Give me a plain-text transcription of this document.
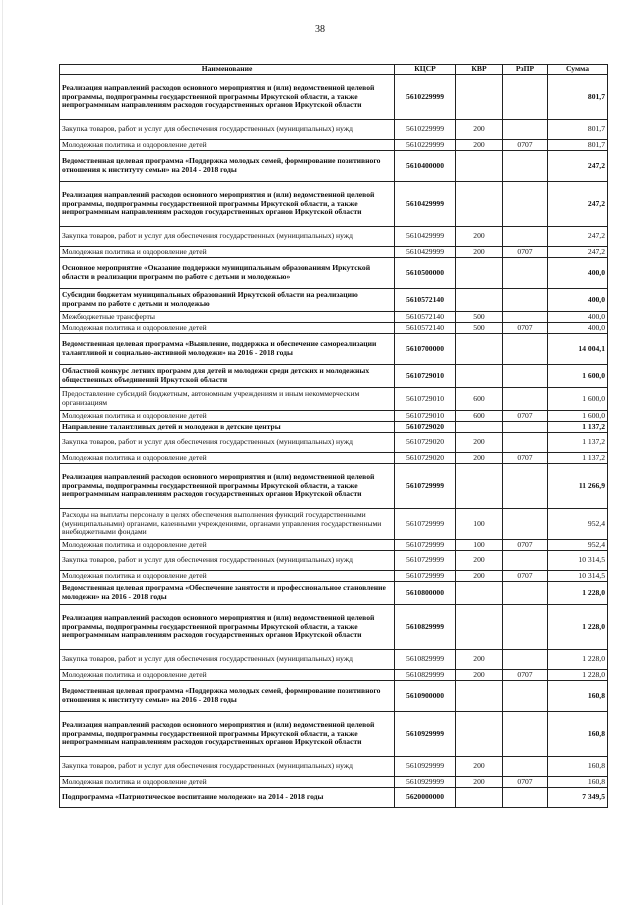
38
Наименование	КЦСР	КВР	РзПР	Сумма
Реализация направлений расходов основного мероприятия и (или) ведомственной целевой программы, подпрограммы государственной программы Иркутской области, а также непрограммным направлениям расходов государственных органов Иркутской области	5610229999			801,7
Закупка товаров, работ и услуг для обеспечения государственных (муниципальных) нужд	5610229999	200		801,7
Молодежная политика и оздоровление детей	5610229999	200	0707	801,7
Ведомственная целевая программа «Поддержка молодых семей, формирование позитивного отношения к институту семьи» на 2014 - 2018 годы	5610400000			247,2
Реализация направлений расходов основного мероприятия и (или) ведомственной целевой программы, подпрограммы государственной программы Иркутской области, а также непрограммным направлениям расходов государственных органов Иркутской области	5610429999			247,2
Закупка товаров, работ и услуг для обеспечения государственных (муниципальных) нужд	5610429999	200		247,2
Молодежная политика и оздоровление детей	5610429999	200	0707	247,2
Основное мероприятие «Оказание поддержки муниципальным образованиям Иркутской области в реализации программ по работе с детьми и молодежью»	5610500000			400,0
Субсидии бюджетам муниципальных образований Иркутской области на реализацию программ по работе с детьми и молодежью	5610572140			400,0
Межбюджетные трансферты	5610572140	500		400,0
Молодежная политика и оздоровление детей	5610572140	500	0707	400,0
Ведомственная целевая программа «Выявление, поддержка и обеспечение самореализации талантливой и социально-активной молодежи» на 2016 - 2018 годы	5610700000			14 004,1
Областной конкурс летних программ для детей и молодежи среди детских и молодежных общественных объединений Иркутской области	5610729010			1 600,0
Предоставление субсидий бюджетным, автономным учреждениям и иным некоммерческим организациям	5610729010	600		1 600,0
Молодежная политика и оздоровление детей	5610729010	600	0707	1 600,0
Направление талантливых детей и молодежи в детские центры	5610729020			1 137,2
Закупка товаров, работ и услуг для обеспечения государственных (муниципальных) нужд	5610729020	200		1 137,2
Молодежная политика и оздоровление детей	5610729020	200	0707	1 137,2
Реализация направлений расходов основного мероприятия и (или) ведомственной целевой программы, подпрограммы государственной программы Иркутской области, а также непрограммным направлениям расходов государственных органов Иркутской области	5610729999			11 266,9
Расходы на выплаты персоналу в целях обеспечения выполнения функций государственными (муниципальными) органами, казенными учреждениями, органами управления государственными внебюджетными фондами	5610729999	100		952,4
Молодежная политика и оздоровление детей	5610729999	100	0707	952,4
Закупка товаров, работ и услуг для обеспечения государственных (муниципальных) нужд	5610729999	200		10 314,5
Молодежная политика и оздоровление детей	5610729999	200	0707	10 314,5
Ведомственная целевая программа «Обеспечение занятости и профессиональное становление молодежи» на 2016 - 2018 годы	5610800000			1 228,0
Реализация направлений расходов основного мероприятия и (или) ведомственной целевой программы, подпрограммы государственной программы Иркутской области, а также непрограммным направлениям расходов государственных органов Иркутской области	5610829999			1 228,0
Закупка товаров, работ и услуг для обеспечения государственных (муниципальных) нужд	5610829999	200		1 228,0
Молодежная политика и оздоровление детей	5610829999	200	0707	1 228,0
Ведомственная целевая программа «Поддержка молодых семей, формирование позитивного отношения к институту семьи» на 2016 - 2018 годы	5610900000			160,8
Реализация направлений расходов основного мероприятия и (или) ведомственной целевой программы, подпрограммы государственной программы Иркутской области, а также непрограммным направлениям расходов государственных органов Иркутской области	5610929999			160,8
Закупка товаров, работ и услуг для обеспечения государственных (муниципальных) нужд	5610929999	200		160,8
Молодежная политика и оздоровление детей	5610929999	200	0707	160,8
Подпрограмма «Патриотическое воспитание молодежи» на 2014 - 2018 годы	5620000000			7 349,5
